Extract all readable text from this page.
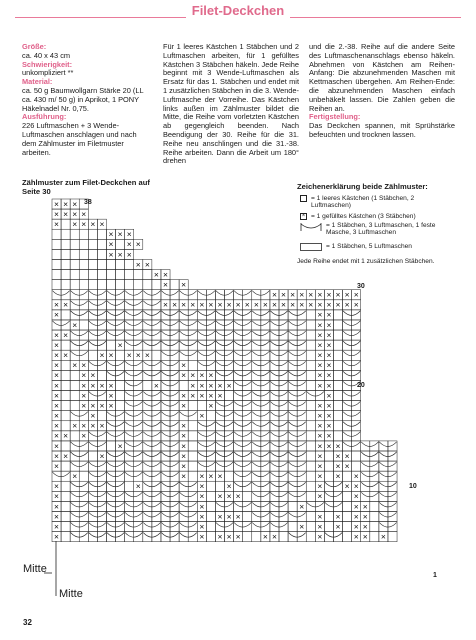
Filet-Deckchen

Größe:

ca. 40 x 43 cm

Schwierigkeit:

unkompliziert **

Material:

ca. 50 g Baumwollgarn Stärke 20 (LL ca. 430 m/ 50 g) in Aprikot, 1 PONY Häkelnadel Nr. 0,75.

Ausführung:

226 Luftmaschen + 3 Wende-Luftmaschen anschlagen und nach dem Zählmuster im Filetmuster arbeiten.

Für 1 leeres Kästchen 1 Stäbchen und 2 Luftmaschen arbeiten, für 1 gefülltes Kästchen 3 Stäbchen häkeln. Jede Reihe beginnt mit 3 Wende-Luftmaschen als Ersatz für das 1. Stäbchen und endet mit 1 zusätzlichen Stäbchen in die 3. Wende-Luftmasche der Vorreihe. Das Kästchen links außen im Zählmuster bildet die Mitte, die Reihe vom vorletzten Kästchen ab gegengleich beenden. Nach Beendigung der 30. Reihe für die 31. Reihe neu anschlingen und die 31.-38. Reihe arbeiten. Dann die Arbeit um 180° drehen

und die 2.-38. Reihe auf die andere Seite des Luftmaschenanschlags ebenso häkeln. Abnehmen von Kästchen am Reihen-Anfang: Die abzunehmenden Maschen mit Kettmaschen übergehen. Am Reihen-Ende: die abzunehmenden Maschen einfach unbehäkelt lassen. Die Zahlen geben die Reihen an.

Fertigstellung:

Das Deckchen spannen, mit Sprühstärke befeuchten und trocknen lassen.

Zählmuster zum Filet-Deckchen auf Seite 30
Zeichenerklärung beide Zählmuster:
= 1 leeres Kästchen (1 Stäbchen, 2 Luftmaschen)
× = 1 gefülltes Kästchen (3 Stäbchen)
= 1 Stäbchen, 3 Luftmaschen, 1 feste Masche, 3 Luftmaschen
= 1 Stäbchen, 5 Luftmaschen
Jede Reihe endet mit 1 zusätzlichen Stäbchen.
× × ×
× × × ×
× × × × ×
× × ×
× × ×
× × ×
× ×
× ×
× ×
× × × × × × × × × ×
× ×	× × × × × × × × × × × × × × × × × × × × × ×
×	× ×
×	× ×
× ×	× ×
×	×	× ×
× ×	× × × × ×	× ×
× × ×	×	× ×
×	× ×	× × × ×	× ×
×	× × × ×	×	× × × × ×	× ×
×	×	×	× × × × ×	×
×	× × × ×	×	×	× ×
×	×	×	× ×
× × × × ×	×	× ×
× × ×	×	× ×
×	×	×	× × ×
× ×	×	×	× × ×
×	×	× × ×
×	× × × ×	× × ×
×	×	×	×	×	× ×
×	× × × ×	×	×
×	×	×	× ×
×	× × × ×	× × × ×
×	×	× × × × ×
×	× × × ×	× ×	×	× × ×
38
30
20
10
1
Mitte
Mitte
32
